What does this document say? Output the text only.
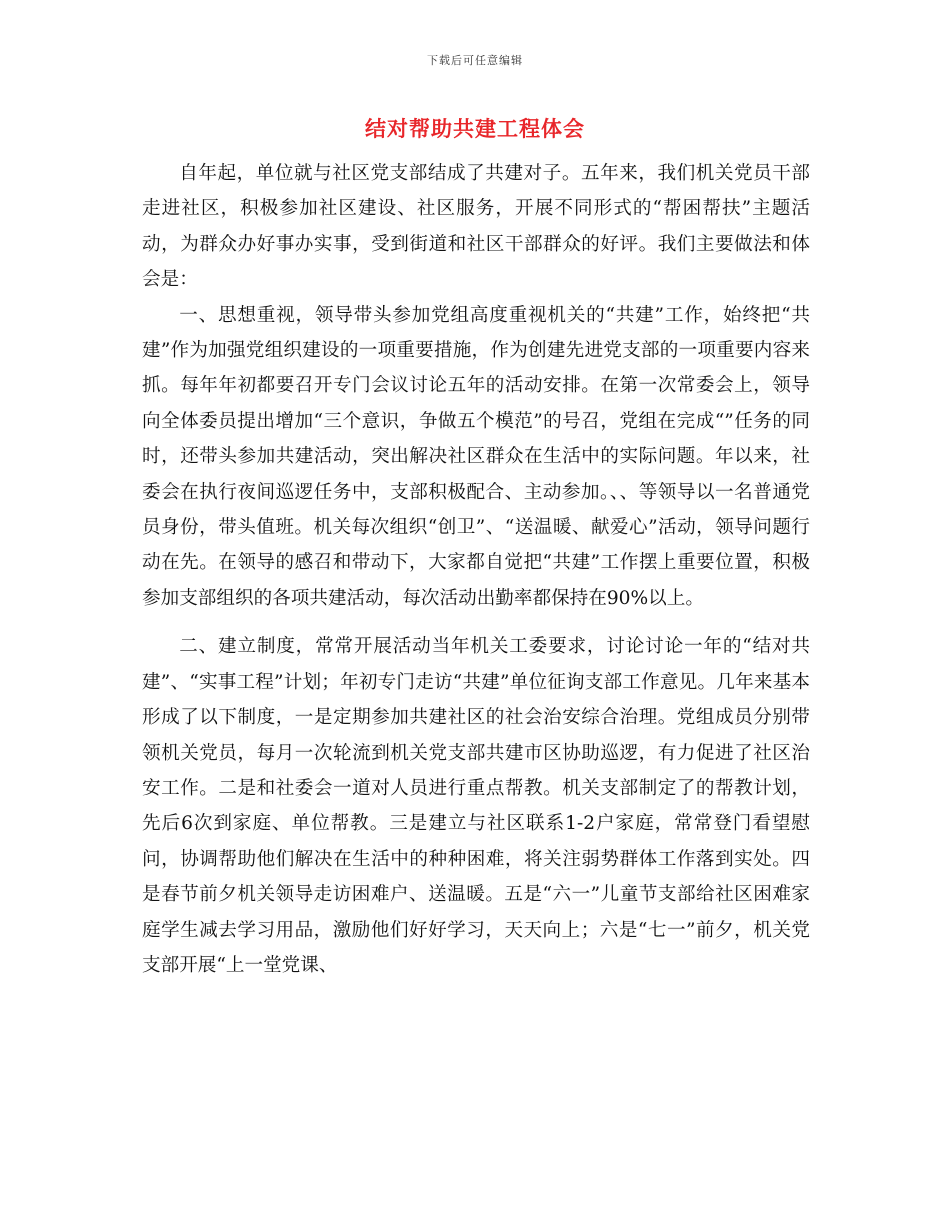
下载后可任意编辑
结对帮助共建工程体会

自年起，单位就与社区党支部结成了共建对子。五年来，我们机关党员干部走进社区，积极参加社区建设、社区服务，开展不同形式的“帮困帮扶”主题活动，为群众办好事办实事，受到街道和社区干部群众的好评。我们主要做法和体会是：

一、思想重视，领导带头参加党组高度重视机关的“共建”工作，始终把“共建”作为加强党组织建设的一项重要措施，作为创建先进党支部的一项重要内容来抓。每年年初都要召开专门会议讨论五年的活动安排。在第一次常委会上，领导向全体委员提出增加“三个意识，争做五个模范”的号召，党组在完成“”任务的同时，还带头参加共建活动，突出解决社区群众在生活中的实际问题。年以来，社委会在执行夜间巡逻任务中，支部积极配合、主动参加。、、等领导以一名普通党员身份，带头值班。机关每次组织“创卫”、“送温暖、献爱心”活动，领导问题行动在先。在领导的感召和带动下，大家都自觉把“共建”工作摆上重要位置，积极参加支部组织的各项共建活动，每次活动出勤率都保持在90%以上。

二、建立制度，常常开展活动当年机关工委要求，讨论讨论一年的“结对共建”、“实事工程”计划；年初专门走访“共建”单位征询支部工作意见。几年来基本形成了以下制度，一是定期参加共建社区的社会治安综合治理。党组成员分别带领机关党员，每月一次轮流到机关党支部共建市区协助巡逻，有力促进了社区治安工作。二是和社委会一道对人员进行重点帮教。机关支部制定了的帮教计划，先后6次到家庭、单位帮教。三是建立与社区联系1-2户家庭，常常登门看望慰问，协调帮助他们解决在生活中的种种困难，将关注弱势群体工作落到实处。四是春节前夕机关领导走访困难户、送温暖。五是“六一”儿童节支部给社区困难家庭学生减去学习用品，激励他们好好学习，天天向上；六是“七一”前夕，机关党支部开展“上一堂党课、
